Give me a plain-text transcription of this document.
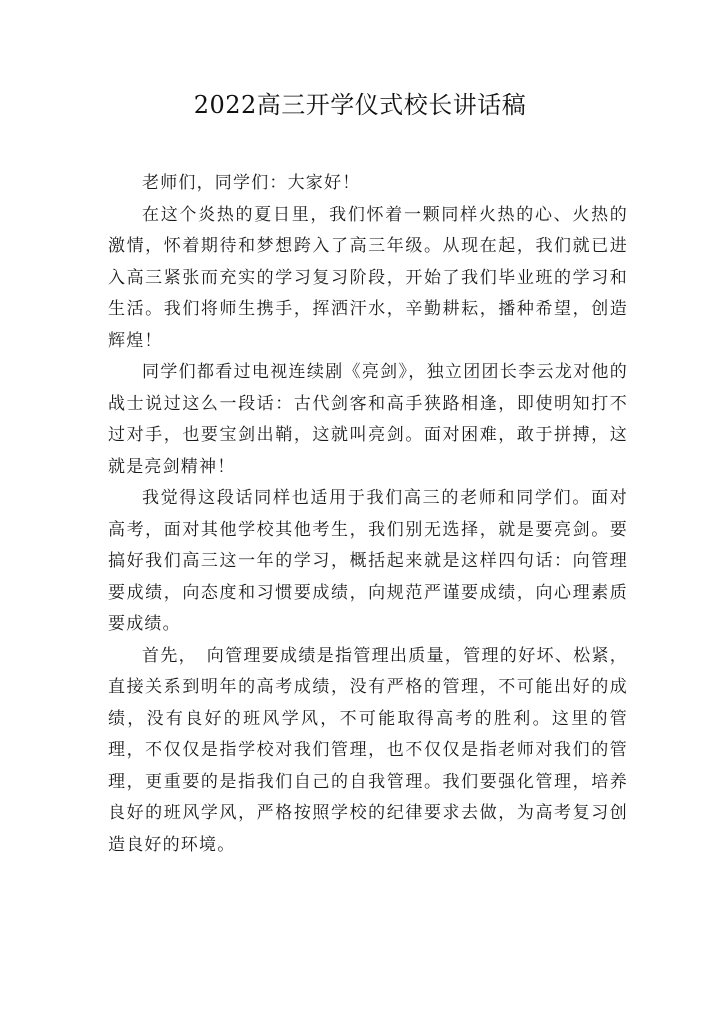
2022高三开学仪式校长讲话稿

老师们，同学们：大家好！

在这个炎热的夏日里，我们怀着一颗同样火热的心、火热的激情，怀着期待和梦想跨入了高三年级。从现在起，我们就已进入高三紧张而充实的学习复习阶段，开始了我们毕业班的学习和生活。我们将师生携手，挥洒汗水，辛勤耕耘，播种希望，创造辉煌！

同学们都看过电视连续剧《亮剑》，独立团团长李云龙对他的战士说过这么一段话：古代剑客和高手狭路相逢，即使明知打不过对手，也要宝剑出鞘，这就叫亮剑。面对困难，敢于拼搏，这就是亮剑精神！

我觉得这段话同样也适用于我们高三的老师和同学们。面对高考，面对其他学校其他考生，我们别无选择，就是要亮剑。要搞好我们高三这一年的学习，概括起来就是这样四句话：向管理要成绩，向态度和习惯要成绩，向规范严谨要成绩，向心理素质要成绩。

首先，　向管理要成绩是指管理出质量，管理的好坏、松紧，直接关系到明年的高考成绩，没有严格的管理，不可能出好的成绩，没有良好的班风学风，不可能取得高考的胜利。这里的管理，不仅仅是指学校对我们管理，也不仅仅是指老师对我们的管理，更重要的是指我们自己的自我管理。我们要强化管理，培养良好的班风学风，严格按照学校的纪律要求去做，为高考复习创造良好的环境。
